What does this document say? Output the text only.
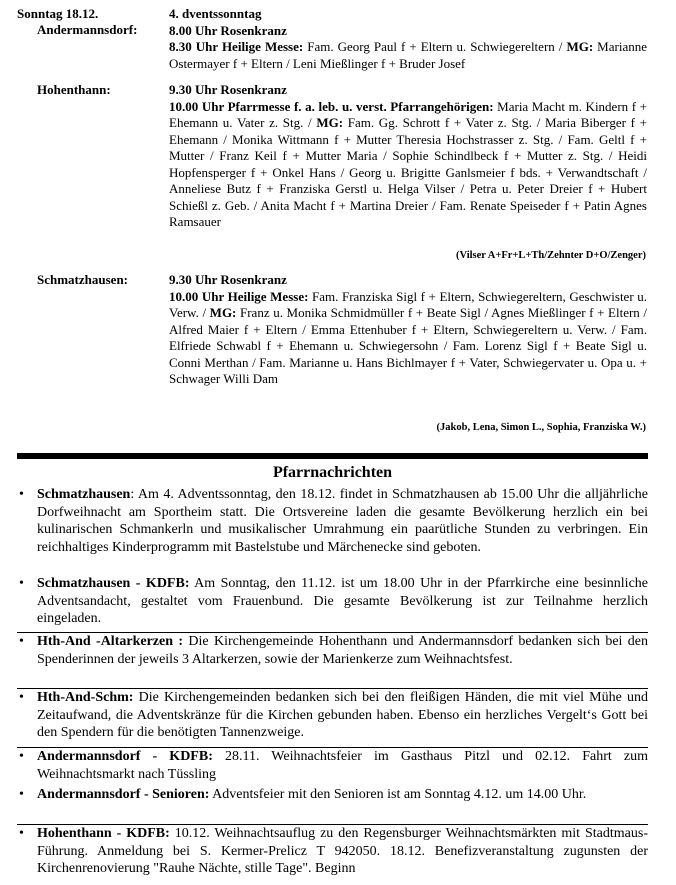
Sonntag 18.12.
Andermannsdorf:
4. dventssonntag
8.00 Uhr Rosenkranz
8.30 Uhr Heilige Messe: Fam. Georg Paul f + Eltern u. Schwiegereltern / MG: Marianne Ostermayer f + Eltern / Leni Mießlinger f + Bruder Josef
Hohenthann:	9.30 Uhr Rosenkranz
10.00 Uhr Pfarrmesse f. a. leb. u. verst. Pfarrangehörigen: Maria Macht m. Kindern f + Ehemann u. Vater z. Stg. / MG: Fam. Gg. Schrott f + Vater z. Stg. / Maria Biberger f + Ehemann / Monika Wittmann f + Mutter Theresia Hochstrasser z. Stg. / Fam. Geltl f + Mutter / Franz Keil f + Mutter Maria / Sophie Schindlbeck f + Mutter z. Stg. / Heidi Hopfensperger f + Onkel Hans / Georg u. Brigitte Ganlsmeier f bds. + Verwandtschaft / Anneliese Butz f + Franziska Gerstl u. Helga Vilser / Petra u. Peter Dreier f + Hubert Schießl z. Geb. / Anita Macht f + Martina Dreier / Fam. Renate Speiseder f + Patin Agnes Ramsauer
(Vilser A+Fr+L+Th/Zehnter D+O/Zenger)
Schmatzhausen:	9.30 Uhr Rosenkranz
10.00 Uhr Heilige Messe: Fam. Franziska Sigl f + Eltern, Schwiegereltern, Geschwister u. Verw. / MG: Franz u. Monika Schmidmüller f + Beate Sigl / Agnes Mießlinger f + Eltern / Alfred Maier f + Eltern / Emma Ettenhuber f + Eltern, Schwiegereltern u. Verw. / Fam. Elfriede Schwabl f + Ehemann u. Schwiegersohn / Fam. Lorenz Sigl f + Beate Sigl u. Conni Merthan / Fam. Marianne u. Hans Bichlmayer f + Vater, Schwiegervater u. Opa u. + Schwager Willi Dam
(Jakob, Lena, Simon L., Sophia, Franziska W.)
Pfarrnachrichten
• Schmatzhausen: Am 4. Adventssonntag, den 18.12. findet in Schmatzhausen ab 15.00 Uhr die alljährliche Dorfweihnacht am Sportheim statt. Die Ortsvereine laden die gesamte Bevölkerung herzlich ein bei kulinarischen Schmankerln und musikalischer Umrahmung ein paarütliche Stunden zu verbringen. Ein reichhaltiges Kinderprogramm mit Bastelstube und Märchenecke sind geboten.
• Schmatzhausen - KDFB: Am Sonntag, den 11.12. ist um 18.00 Uhr in der Pfarrkirche eine besinnliche Adventsandacht, gestaltet vom Frauenbund. Die gesamte Bevölkerung ist zur Teilnahme herzlich eingeladen.
• Hth-And -Altarkerzen : Die Kirchengemeinde Hohenthann und Andermannsdorf bedanken sich bei den Spenderinnen der jeweils 3 Altarkerzen, sowie der Marienkerze zum Weihnachtsfest.
• Hth-And-Schm: Die Kirchengemeinden bedanken sich bei den fleißigen Händen, die mit viel Mühe und Zeitaufwand, die Adventskränze für die Kirchen gebunden haben. Ebenso ein herzliches Vergelt‘s Gott bei den Spendern für die benötigten Tannenzweige.
• Andermannsdorf - KDFB: 28.11. Weihnachtsfeier im Gasthaus Pitzl und 02.12. Fahrt zum Weihnachtsmarkt nach Tüssling
• Andermannsdorf - Senioren: Adventsfeier mit den Senioren ist am Sonntag 4.12. um 14.00 Uhr.
• Hohenthann - KDFB: 10.12. Weihnachtsauflug zu den Regensburger Weihnachtsmärkten mit Stadtmaus-Führung. Anmeldung bei S. Kermer-Prelicz T 942050. 18.12. Benefizveranstaltung zugunsten der Kirchenrenovierung "Rauhe Nächte, stille Tage". Beginn
